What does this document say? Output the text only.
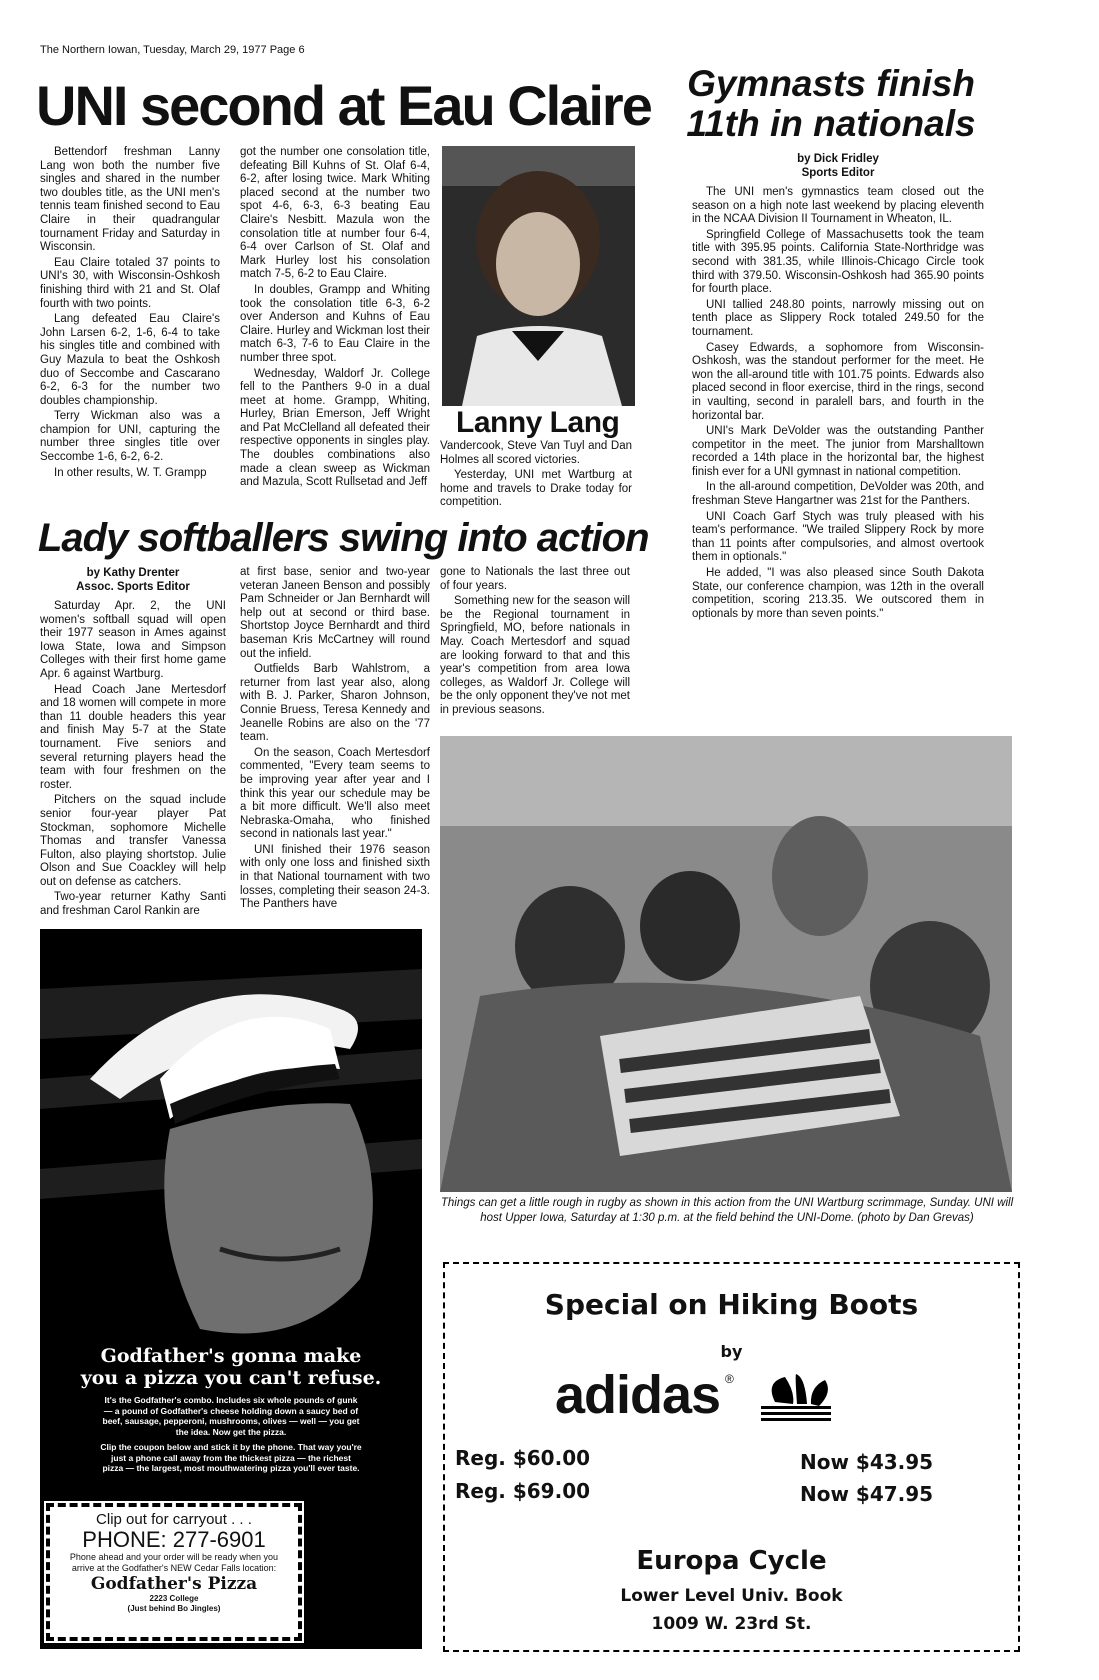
The Northern Iowan, Tuesday, March 29, 1977 Page 6
UNI second at Eau Claire

Bettendorf freshman Lanny Lang won both the number five singles and shared in the number two doubles title, as the UNI men's tennis team finished second to Eau Claire in their quadrangular tournament Friday and Saturday in Wisconsin.

Eau Claire totaled 37 points to UNI's 30, with Wisconsin-Oshkosh finishing third with 21 and St. Olaf fourth with two points.

Lang defeated Eau Claire's John Larsen 6-2, 1-6, 6-4 to take his singles title and combined with Guy Mazula to beat the Oshkosh duo of Seccombe and Cascarano 6-2, 6-3 for the number two doubles championship.

Terry Wickman also was a champion for UNI, capturing the number three singles title over Seccombe 1-6, 6-2, 6-2.

In other results, W. T. Grampp

got the number one consolation title, defeating Bill Kuhns of St. Olaf 6-4, 6-2, after losing twice. Mark Whiting placed second at the number two spot 4-6, 6-3, 6-3 beating Eau Claire's Nesbitt. Mazula won the consolation title at number four 6-4, 6-4 over Carlson of St. Olaf and Mark Hurley lost his consolation match 7-5, 6-2 to Eau Claire.

In doubles, Grampp and Whiting took the consolation title 6-3, 6-2 over Anderson and Kuhns of Eau Claire. Hurley and Wickman lost their match 6-3, 7-6 to Eau Claire in the number three spot.

Wednesday, Waldorf Jr. College fell to the Panthers 9-0 in a dual meet at home. Grampp, Whiting, Hurley, Brian Emerson, Jeff Wright and Pat McClelland all defeated their respective opponents in singles play. The doubles combinations also made a clean sweep as Wickman and Mazula, Scott Rullsetad and Jeff

Lanny Lang

Vandercook, Steve Van Tuyl and Dan Holmes all scored victories.

Yesterday, UNI met Wartburg at home and travels to Drake today for competition.

Gymnasts finish 11th in nationals
by Dick Fridley
Sports Editor

The UNI men's gymnastics team closed out the season on a high note last weekend by placing eleventh in the NCAA Division II Tournament in Wheaton, IL.

Springfield College of Massachusetts took the team title with 395.95 points. California State-Northridge was second with 381.35, while Illinois-Chicago Circle took third with 379.50. Wisconsin-Oshkosh had 365.90 points for fourth place.

UNI tallied 248.80 points, narrowly missing out on tenth place as Slippery Rock totaled 249.50 for the tournament.

Casey Edwards, a sophomore from Wisconsin-Oshkosh, was the standout performer for the meet. He won the all-around title with 101.75 points. Edwards also placed second in floor exercise, third in the rings, second in vaulting, second in paralell bars, and fourth in the horizontal bar.

UNI's Mark DeVolder was the outstanding Panther competitor in the meet. The junior from Marshalltown recorded a 14th place in the horizontal bar, the highest finish ever for a UNI gymnast in national competition.

In the all-around competition, DeVolder was 20th, and freshman Steve Hangartner was 21st for the Panthers.

UNI Coach Garf Stych was truly pleased with his team's performance. "We trailed Slippery Rock by more than 11 points after compulsories, and almost overtook them in optionals."

He added, "I was also pleased since South Dakota State, our conference champion, was 12th in the overall competition, scoring 213.35. We outscored them in optionals by more than seven points."

Lady softballers swing into action
by Kathy Drenter
Assoc. Sports Editor

Saturday Apr. 2, the UNI women's softball squad will open their 1977 season in Ames against Iowa State, Iowa and Simpson Colleges with their first home game Apr. 6 against Wartburg.

Head Coach Jane Mertesdorf and 18 women will compete in more than 11 double headers this year and finish May 5-7 at the State tournament. Five seniors and several returning players head the team with four freshmen on the roster.

Pitchers on the squad include senior four-year player Pat Stockman, sophomore Michelle Thomas and transfer Vanessa Fulton, also playing shortstop. Julie Olson and Sue Coackley will help out on defense as catchers.

Two-year returner Kathy Santi and freshman Carol Rankin are

at first base, senior and two-year veteran Janeen Benson and possibly Pam Schneider or Jan Bernhardt will help out at second or third base. Shortstop Joyce Bernhardt and third baseman Kris McCartney will round out the infield.

Outfields Barb Wahlstrom, a returner from last year also, along with B. J. Parker, Sharon Johnson, Connie Bruess, Teresa Kennedy and Jeanelle Robins are also on the '77 team.

On the season, Coach Mertesdorf commented, "Every team seems to be improving year after year and I think this year our schedule may be a bit more difficult. We'll also meet Nebraska-Omaha, who finished second in nationals last year."

UNI finished their 1976 season with only one loss and finished sixth in that National tournament with two losses, completing their season 24-3. The Panthers have

gone to Nationals the last three out of four years.

Something new for the season will be the Regional tournament in Springfield, MO, before nationals in May. Coach Mertesdorf and squad are looking forward to that and this year's competition from area Iowa colleges, as Waldorf Jr. College will be the only opponent they've not met in previous seasons.

Things can get a little rough in rugby as shown in this action from the UNI Wartburg scrimmage, Sunday. UNI will host Upper Iowa, Saturday at 1:30 p.m. at the field behind the UNI-Dome. (photo by Dan Grevas)
Godfather's gonna make
you a pizza you can't refuse.

It's the Godfather's combo. Includes six whole pounds of gunk — a pound of Godfather's cheese holding down a saucy bed of beef, sausage, pepperoni, mushrooms, olives — well — you get the idea. Now get the pizza.

Clip the coupon below and stick it by the phone. That way you're just a phone call away from the thickest pizza — the richest pizza — the largest, most mouthwatering pizza you'll ever taste.

Clip out for carryout . . .
PHONE: 277-6901
Phone ahead and your order will be ready when you arrive at the Godfather's NEW Cedar Falls location:
Godfather's Pizza
2223 College
(Just behind Bo Jingles)
Special on Hiking Boots
by
adidas ®
Reg. $60.00	Now $43.95
Reg. $69.00	Now $47.95
Europa Cycle
Lower Level Univ. Book
1009 W. 23rd St.
